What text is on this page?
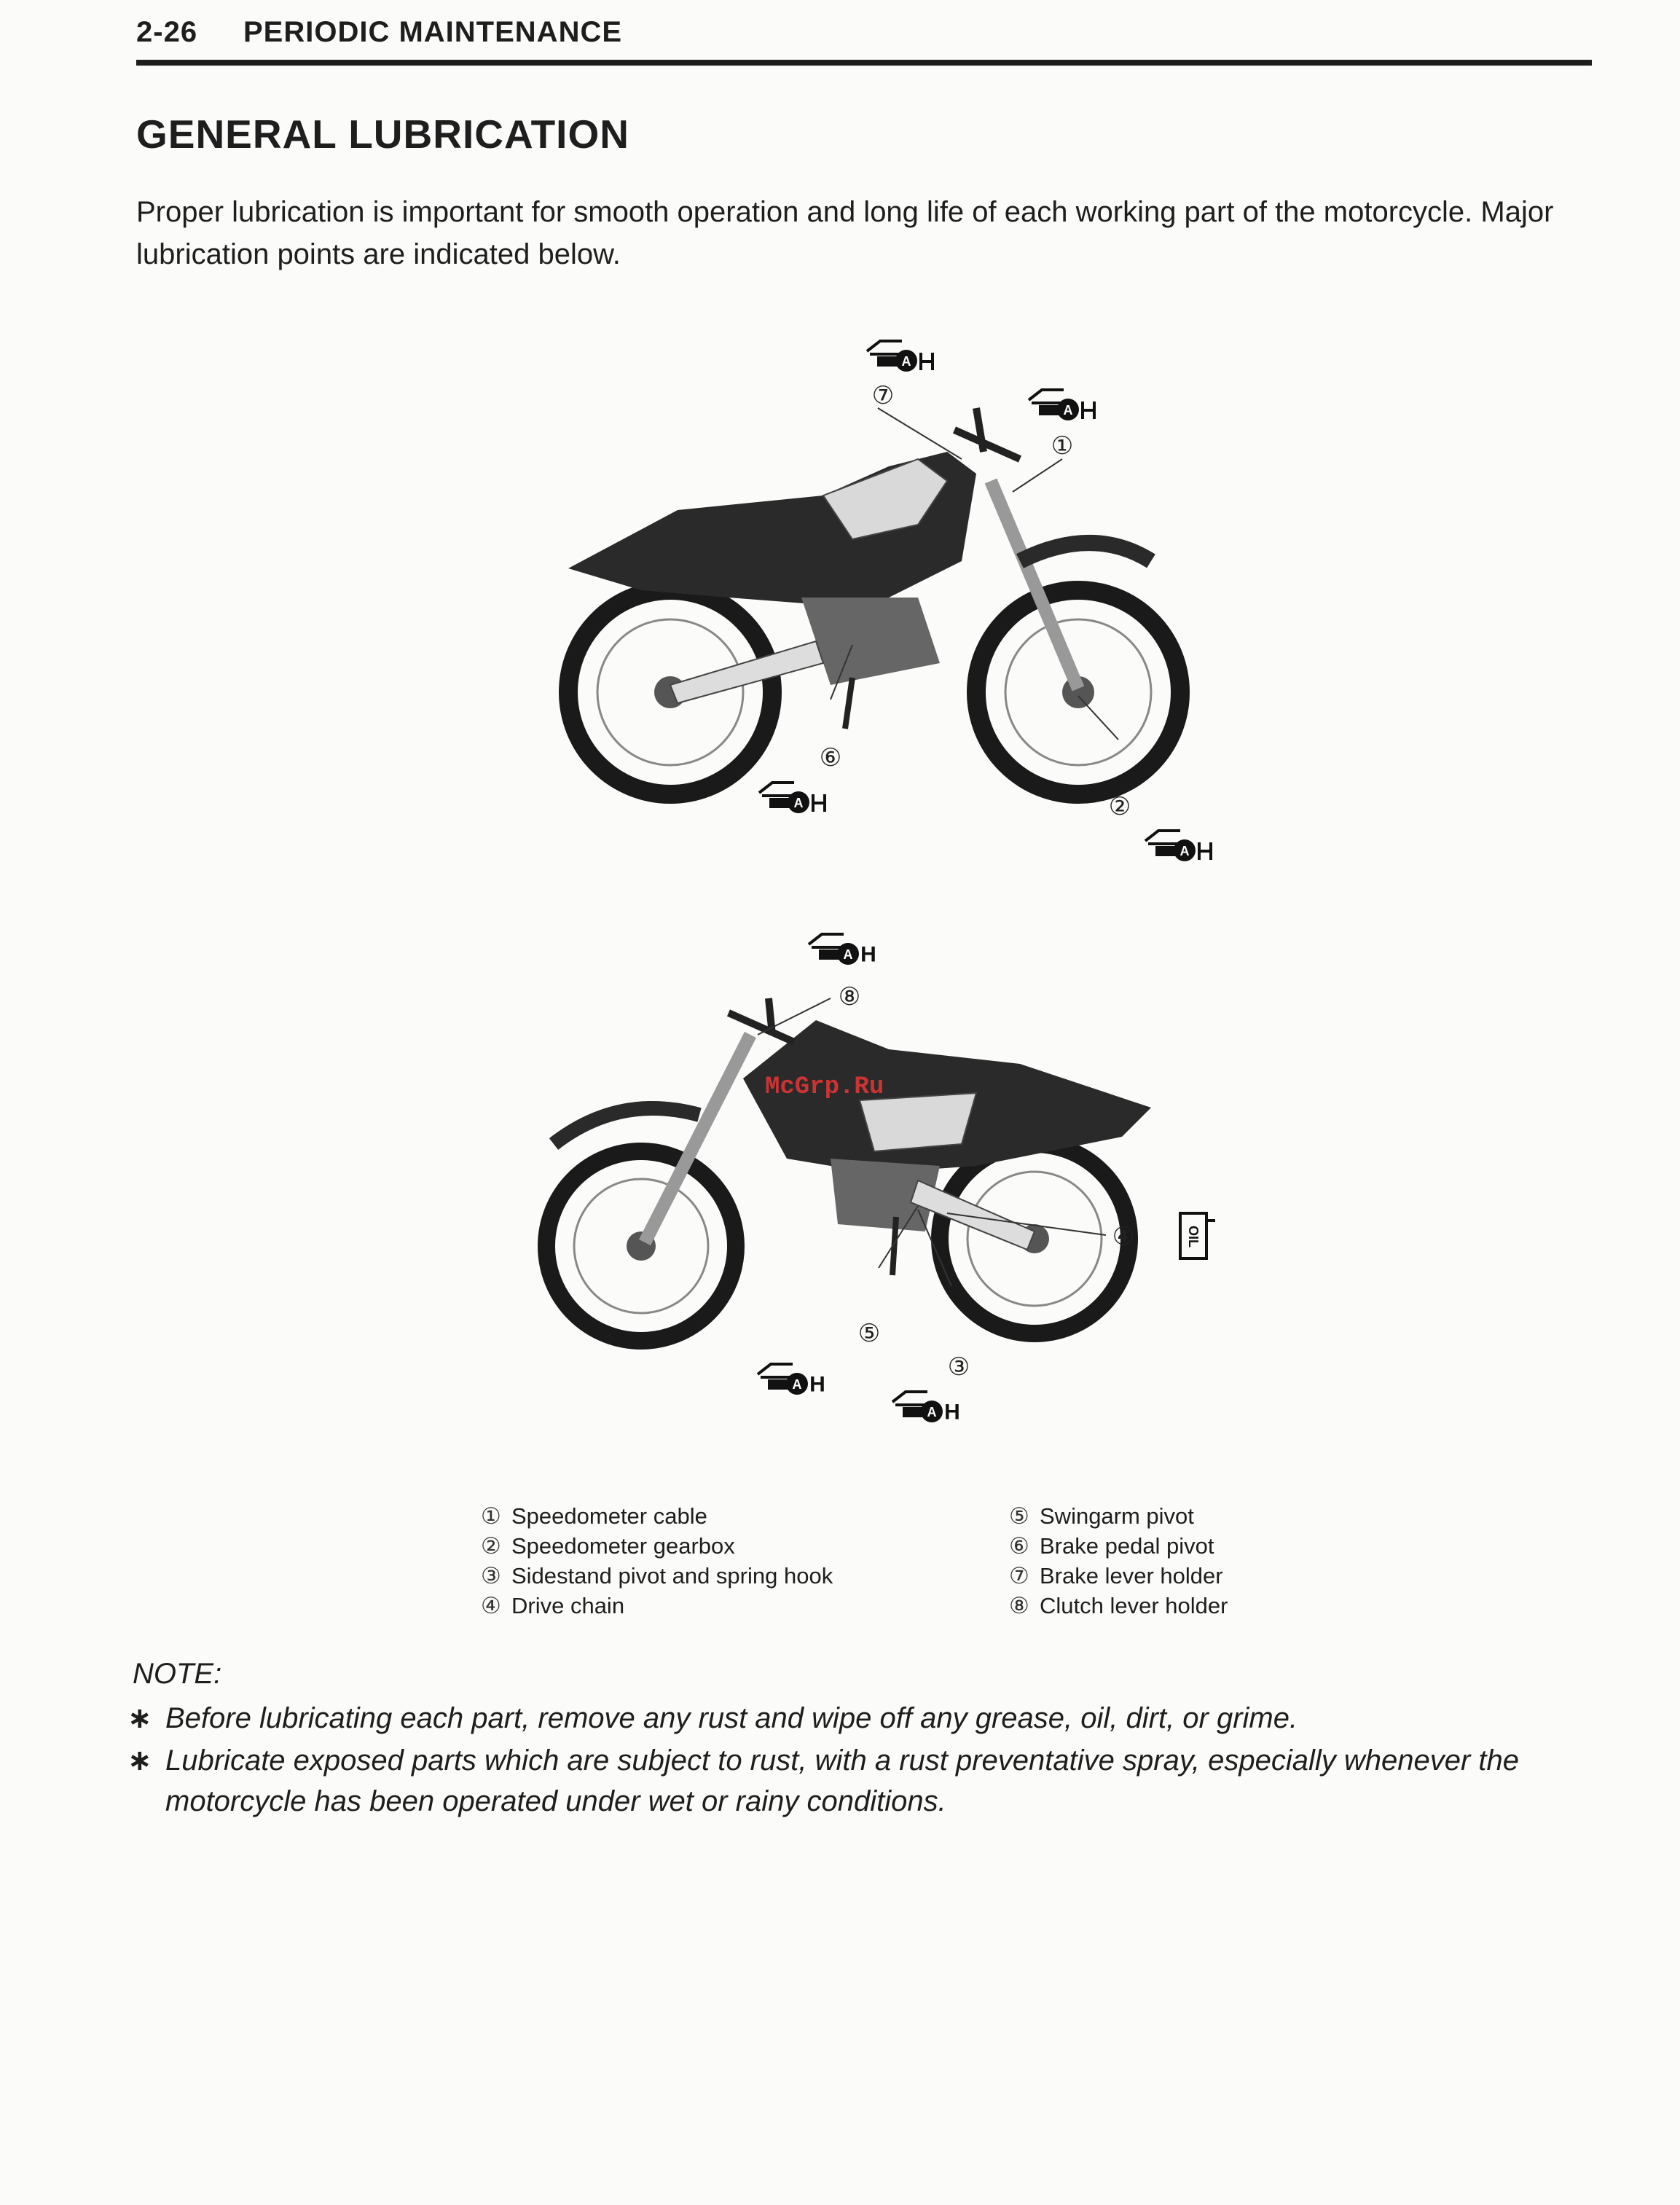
2-26 PERIODIC MAINTENANCE
GENERAL LUBRICATION

Proper lubrication is important for smooth operation and long life of each working part of the motorcycle. Major lubrication points are indicated below.

⑦
①
⑥
②
A
A
A
A
⑧
④
⑤
③
A H
A H
A H
OIL
McGrp.Ru
① Speedometer cable
② Speedometer gearbox
③ Sidestand pivot and spring hook
④ Drive chain
⑤ Swingarm pivot
⑥ Brake pedal pivot
⑦ Brake lever holder
⑧ Clutch lever holder

NOTE:

∗ Before lubricating each part, remove any rust and wipe off any grease, oil, dirt, or grime.
∗ Lubricate exposed parts which are subject to rust, with a rust preventative spray, especially whenever the motorcycle has been operated under wet or rainy conditions.
